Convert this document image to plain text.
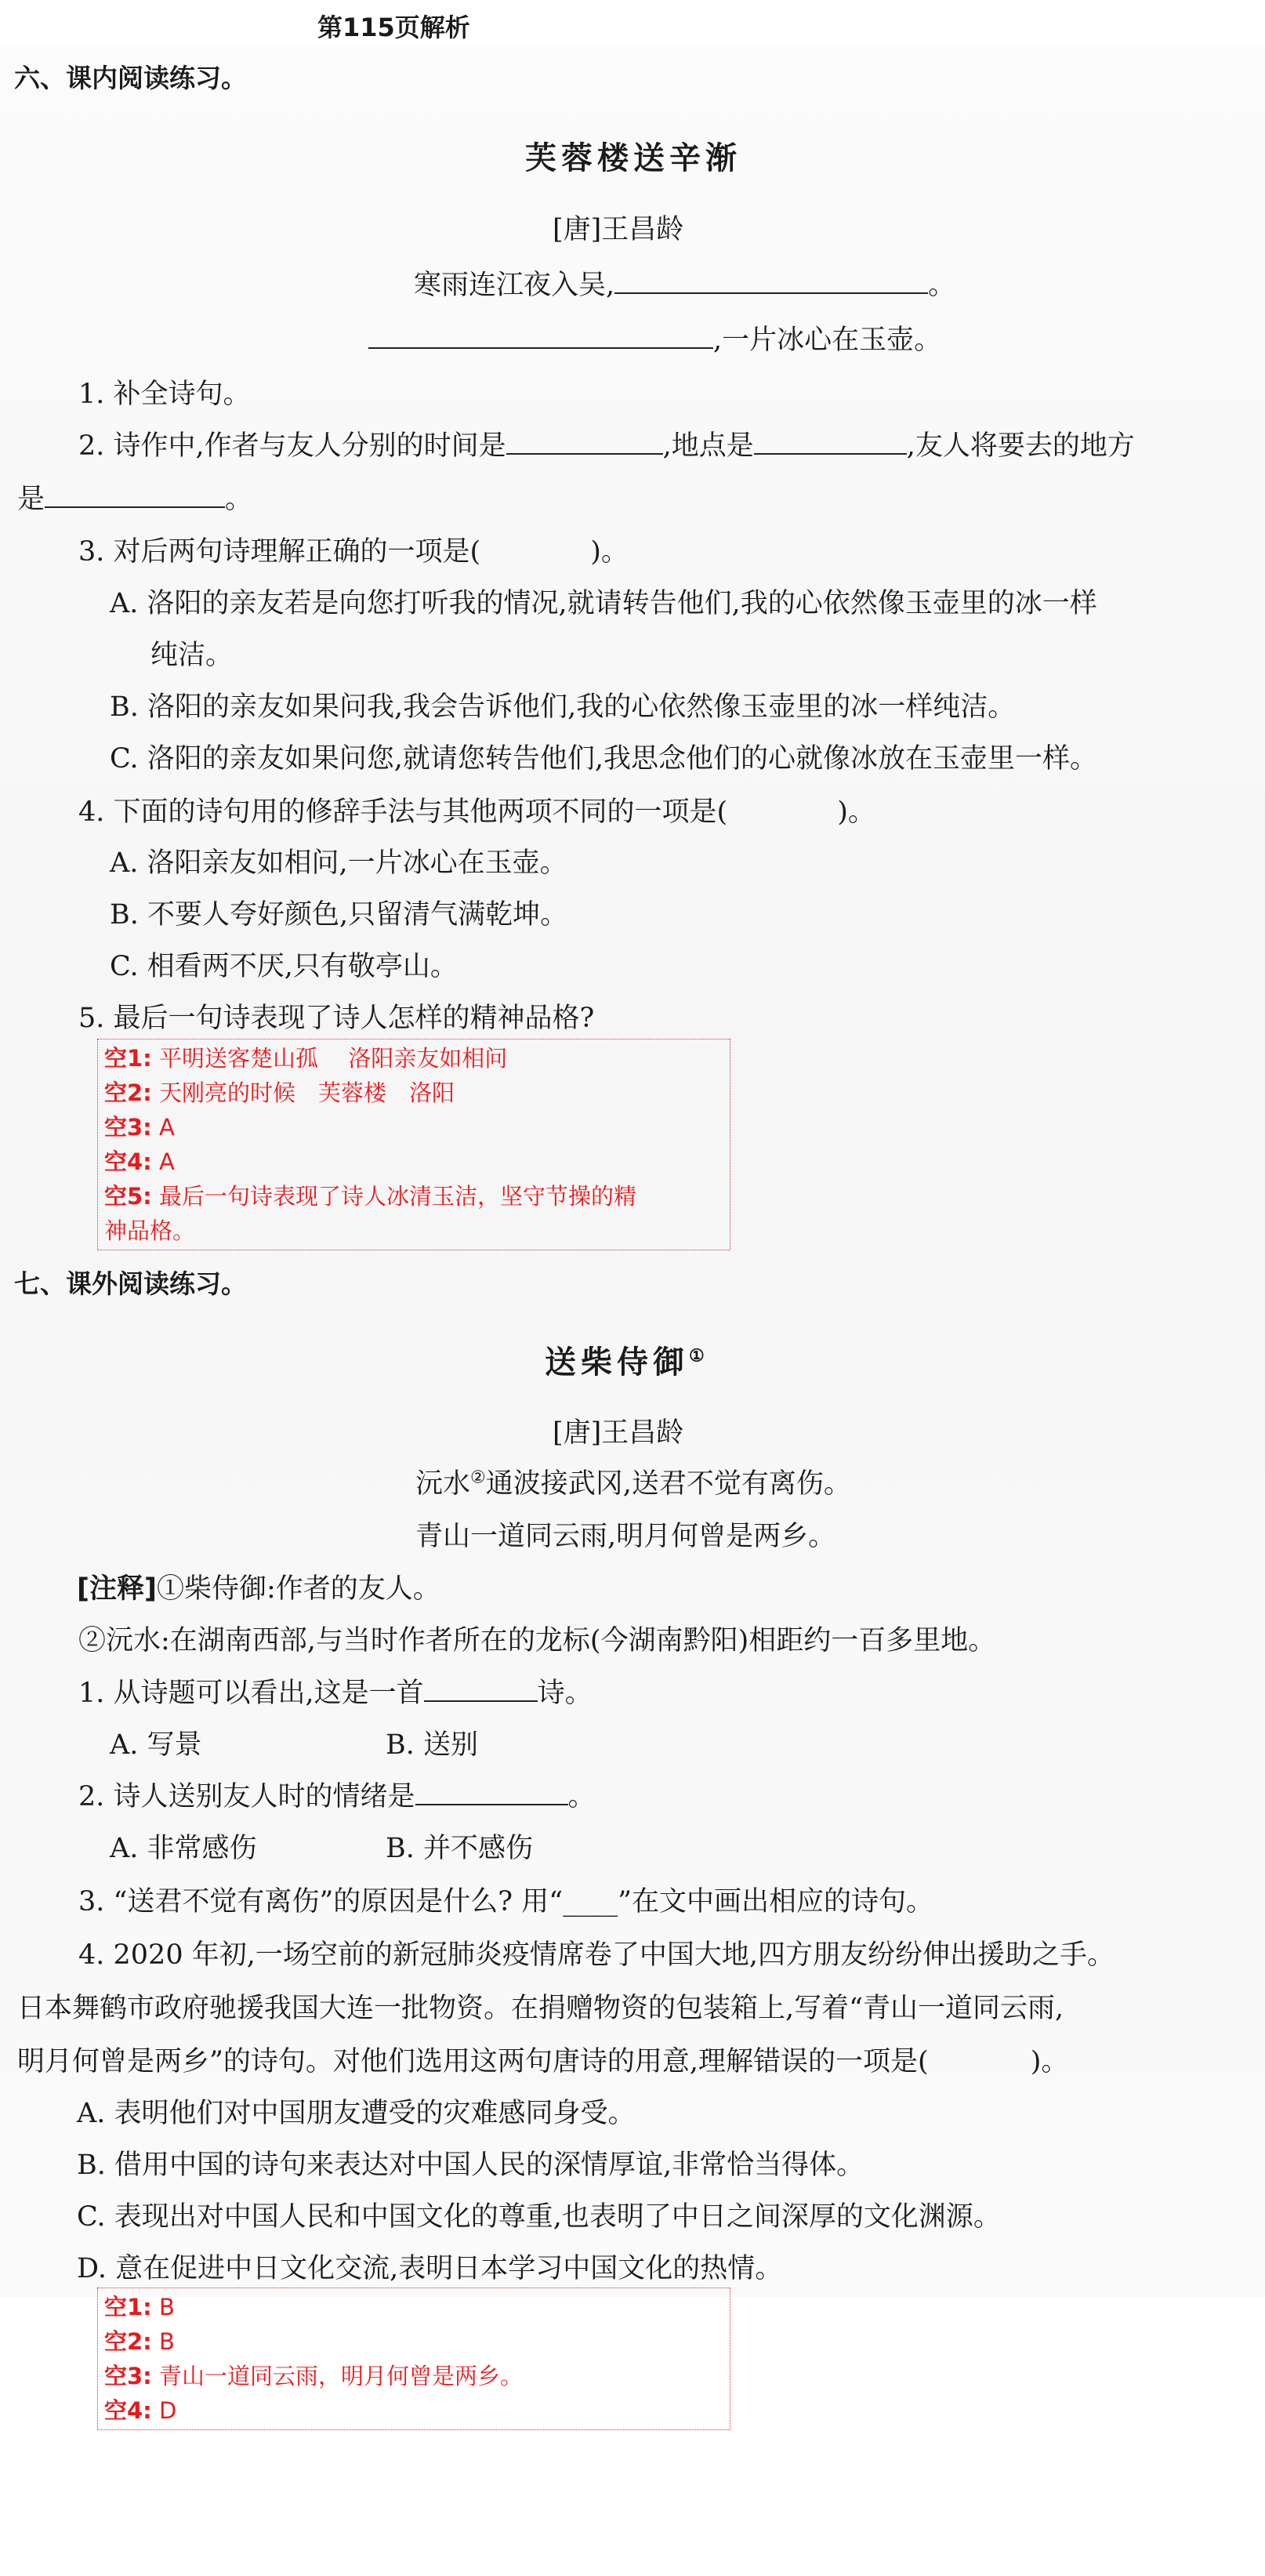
第115页解析
六、课内阅读练习。
芙蓉楼送辛渐
[唐]王昌龄
寒雨连江夜入吴,	。
,一片冰心在玉壶。
1. 补全诗句。
2. 诗作中,作者与友人分别的时间是	,地点是	,友人将要去的地方
是	。
3. 对后两句诗理解正确的一项是(	)。
A. 洛阳的亲友若是向您打听我的情况,就请转告他们,我的心依然像玉壶里的冰一样
纯洁。
B. 洛阳的亲友如果问我,我会告诉他们,我的心依然像玉壶里的冰一样纯洁。
C. 洛阳的亲友如果问您,就请您转告他们,我思念他们的心就像冰放在玉壶里一样。
4. 下面的诗句用的修辞手法与其他两项不同的一项是(	)。
A. 洛阳亲友如相问,一片冰心在玉壶。
B. 不要人夸好颜色,只留清气满乾坤。
C. 相看两不厌,只有敬亭山。
5. 最后一句诗表现了诗人怎样的精神品格?
空1: 平明送客楚山孤　 洛阳亲友如相问
空2: 天刚亮的时候　芙蓉楼　洛阳
空3: A
空4: A
空5: 最后一句诗表现了诗人冰清玉洁，坚守节操的精
神品格。
七、课外阅读练习。
送柴侍御①
[唐]王昌龄
沅水②通波接武冈,送君不觉有离伤。
青山一道同云雨,明月何曾是两乡。
[注释]①柴侍御:作者的友人。
②沅水:在湖南西部,与当时作者所在的龙标(今湖南黔阳)相距约一百多里地。
1. 从诗题可以看出,这是一首	诗。
A. 写景	B. 送别
2. 诗人送别友人时的情绪是	。
A. 非常感伤	B. 并不感伤
3. “送君不觉有离伤”的原因是什么? 用“____”在文中画出相应的诗句。
4. 2020 年初,一场空前的新冠肺炎疫情席卷了中国大地,四方朋友纷纷伸出援助之手。
日本舞鹤市政府驰援我国大连一批物资。在捐赠物资的包装箱上,写着“青山一道同云雨,
明月何曾是两乡”的诗句。对他们选用这两句唐诗的用意,理解错误的一项是(	)。
A. 表明他们对中国朋友遭受的灾难感同身受。
B. 借用中国的诗句来表达对中国人民的深情厚谊,非常恰当得体。
C. 表现出对中国人民和中国文化的尊重,也表明了中日之间深厚的文化渊源。
D. 意在促进中日文化交流,表明日本学习中国文化的热情。
空1: B
空2: B
空3: 青山一道同云雨，明月何曾是两乡。
空4: D
